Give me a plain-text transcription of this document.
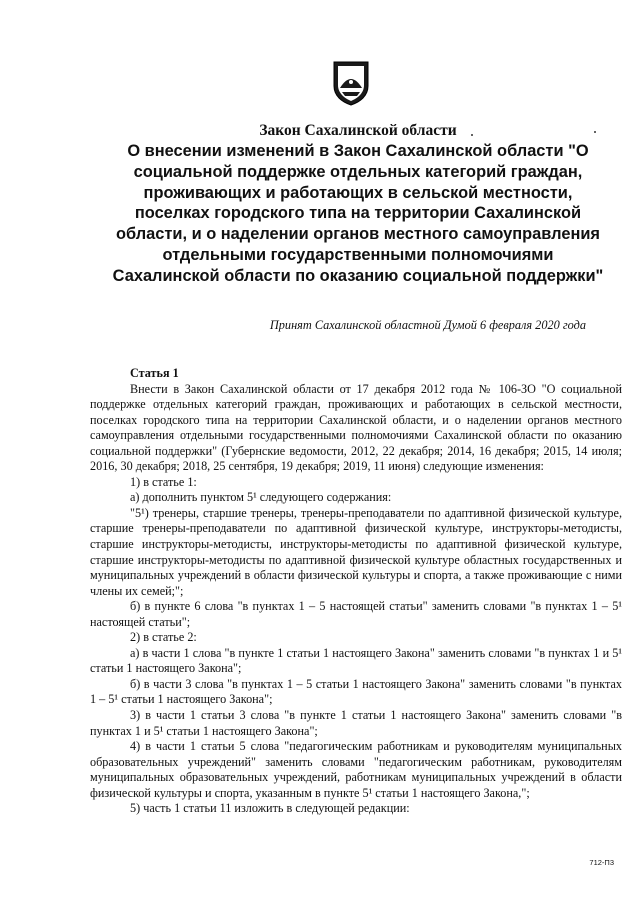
Закон Сахалинской области
О внесении изменений в Закон Сахалинской области "О социальной поддержке отдельных категорий граждан, проживающих и работающих в сельской местности, поселках городского типа на территории Сахалинской области, и о наделении органов местного самоуправления отдельными государственными полномочиями Сахалинской области по оказанию социальной поддержки"
Принят Сахалинской областной Думой 6 февраля 2020 года

Статья 1

Внести в Закон Сахалинской области от 17 декабря 2012 года № 106-ЗО "О социальной поддержке отдельных категорий граждан, проживающих и работающих в сельской местности, поселках городского типа на территории Сахалинской области, и о наделении органов местного самоуправления отдельными государственными полномочиями Сахалинской области по оказанию социальной поддержки" (Губернские ведомости, 2012, 22 декабря; 2014, 16 декабря; 2015, 14 июля; 2016, 30 декабря; 2018, 25 сентября, 19 декабря; 2019, 11 июня) следующие изменения:

1) в статье 1:

а) дополнить пунктом 5¹ следующего содержания:

"5¹) тренеры, старшие тренеры, тренеры-преподаватели по адаптивной физической культуре, старшие тренеры-преподаватели по адаптивной физической культуре, инструкторы-методисты, старшие инструкторы-методисты, инструкторы-методисты по адаптивной физической культуре, старшие инструкторы-методисты по адаптивной физической культуре областных государственных и муниципальных учреждений в области физической культуры и спорта, а также проживающие с ними члены их семей;";

б) в пункте 6 слова "в пунктах 1 – 5 настоящей статьи" заменить словами "в пунктах 1 – 5¹ настоящей статьи";

2) в статье 2:

а) в части 1 слова "в пункте 1 статьи 1 настоящего Закона" заменить словами "в пунктах 1 и 5¹ статьи 1 настоящего Закона";

б) в части 3 слова "в пунктах 1 – 5 статьи 1 настоящего Закона" заменить словами "в пунктах 1 – 5¹ статьи 1 настоящего Закона";

3) в части 1 статьи 3 слова "в пункте 1 статьи 1 настоящего Закона" заменить словами "в пунктах 1 и 5¹ статьи 1 настоящего Закона";

4) в части 1 статьи 5 слова "педагогическим работникам и руководителям муниципальных образовательных учреждений" заменить словами "педагогическим работникам, руководителям муниципальных образовательных учреждений, работникам муниципальных учреждений в области физической культуры и спорта, указанным в пункте 5¹ статьи 1 настоящего Закона,";

5) часть 1 статьи 11 изложить в следующей редакции:

712-П3
